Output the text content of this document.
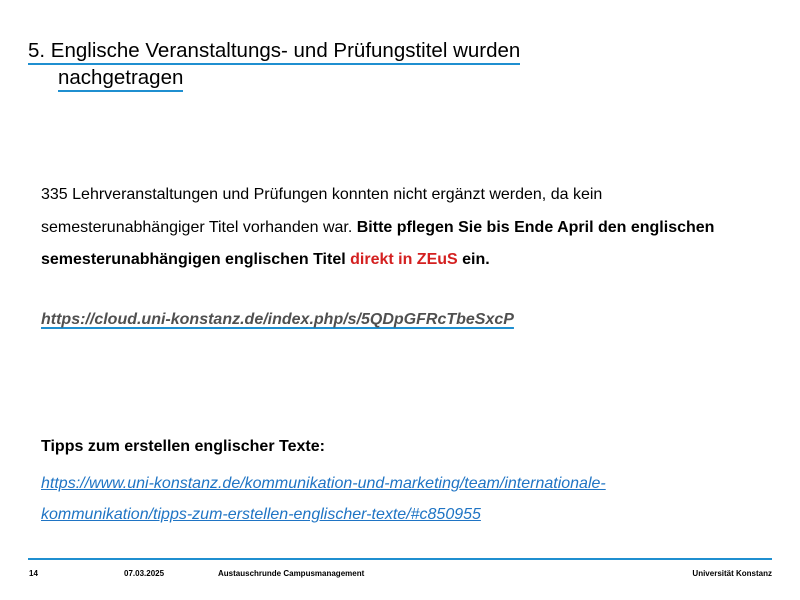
5. Englische Veranstaltungs- und Prüfungstitel wurden
nachgetragen

335 Lehrveranstaltungen und Prüfungen konnten nicht ergänzt werden, da kein semesterunabhängiger Titel vorhanden war. Bitte pflegen Sie bis Ende April den englischen semesterunabhängigen englischen Titel direkt in ZEuS ein.

https://cloud.uni-konstanz.de/index.php/s/5QDpGFRcTbeSxcP

Tipps zum erstellen englischer Texte:

https://www.uni-konstanz.de/kommunikation-und-marketing/team/internationale-
kommunikation/tipps-zum-erstellen-englischer-texte/#c850955
14	07.03.2025	Austauschrunde Campusmanagement	Universität Konstanz
